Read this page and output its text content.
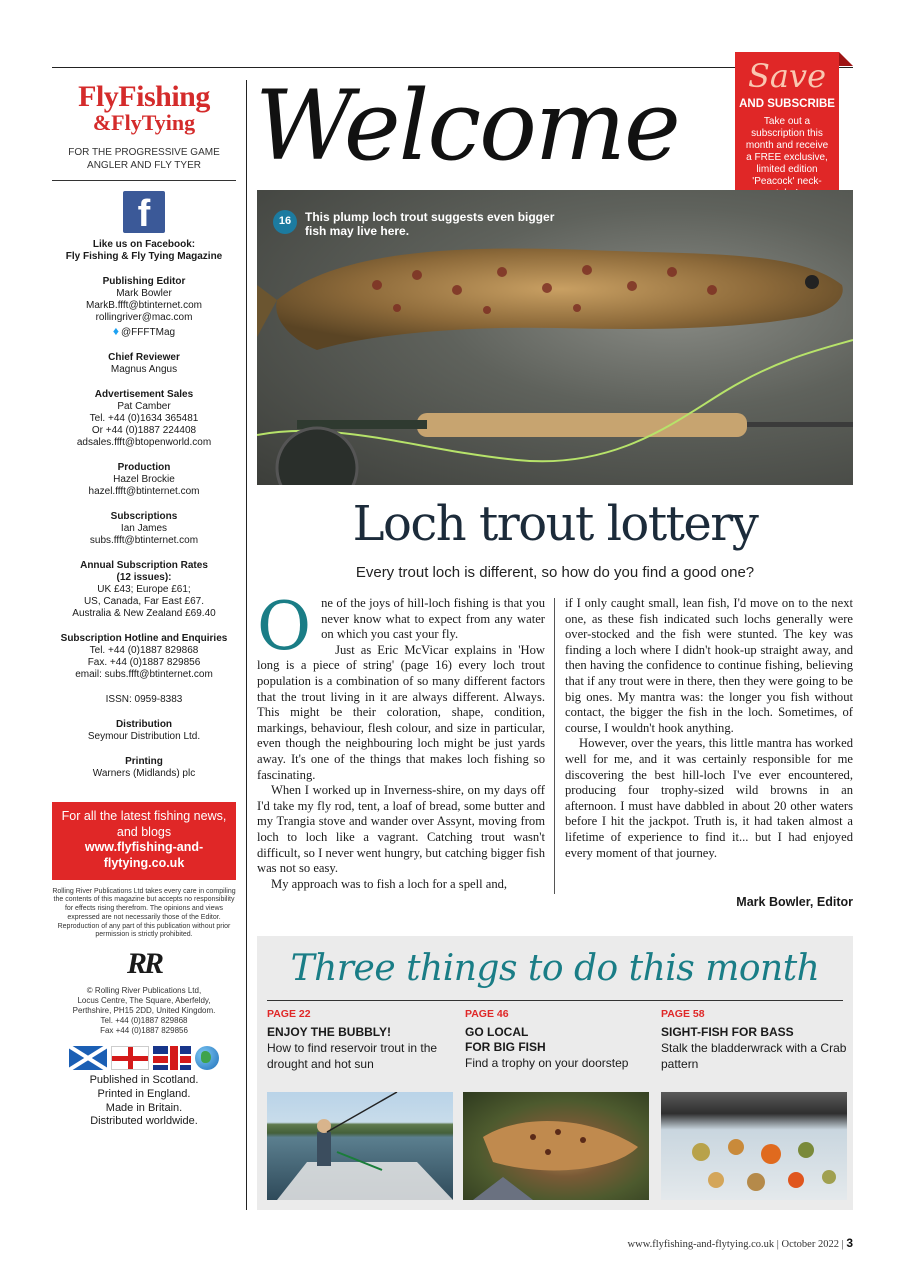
FlyFishing
&FlyTying
FOR THE PROGRESSIVE GAME ANGLER AND FLY TYER
f
Like us on Facebook:
Fly Fishing & Fly Tying Magazine
Publishing Editor
Mark Bowler
MarkB.ffft@btinternet.com
rollingriver@mac.com
♦ @FFFTMag
Chief Reviewer
Magnus Angus
Advertisement Sales
Pat Camber
Tel. +44 (0)1634 365481
Or +44 (0)1887 224408
adsales.ffft@btopenworld.com
Production
Hazel Brockie
hazel.ffft@btinternet.com
Subscriptions
Ian James
subs.ffft@btinternet.com
Annual Subscription Rates
(12 issues):
UK £43; Europe £61;
US, Canada, Far East £67.
Australia & New Zealand £69.40
Subscription Hotline and Enquiries
Tel. +44 (0)1887 829868
Fax. +44 (0)1887 829856
email: subs.ffft@btinternet.com
ISSN: 0959-8383
Distribution
Seymour Distribution Ltd.
Printing
Warners (Midlands) plc
For all the latest fishing news, and blogs
www.flyfishing-and-flytying.co.uk
Rolling River Publications Ltd takes every care in compiling the contents of this magazine but accepts no responsibility for effects rising therefrom. The opinions and views expressed are not necessarily those of the Editor. Reproduction of any part of this publication without prior permission is strictly prohibited.
RR
© Rolling River Publications Ltd,
Locus Centre, The Square, Aberfeldy,
Perthshire, PH15 2DD, United Kingdom.
Tel. +44 (0)1887 829868
Fax +44 (0)1887 829856
Published in Scotland.
Printed in England.
Made in Britain.
Distributed worldwide.
Welcome	Save
AND SUBSCRIBE
Take out a subscription this month and receive a FREE exclusive, limited edition 'Peacock' neck-
16	This plump loch trout suggests even bigger fish may live here.
Loch trout lottery
Every trout loch is different, so how do you find a good one?
O ne of the joys of hill-loch fishing is that you never know what to expect from any water on which you cast your fly.

Just as Eric McVicar explains in 'How long is a piece of string' (page 16) every loch trout population is a combination of so many different factors that the trout living in it are always different. Always. This might be their coloration, shape, condition, markings, behaviour, flesh colour, and size in particular, even though the neighbouring loch might be just yards away. It's one of the things that makes loch fishing so fascinating.

When I worked up in Inverness-shire, on my days off I'd take my fly rod, tent, a loaf of bread, some butter and my Trangia stove and wander over Assynt, moving from loch to loch like a vagrant. Catching trout wasn't difficult, so I never went hungry, but catching bigger fish was not so easy.

My approach was to fish a loch for a spell and,

if I only caught small, lean fish, I'd move on to the next one, as these fish indicated such lochs generally were over-stocked and the fish were stunted. The key was finding a loch where I didn't hook-up straight away, and then having the confidence to continue fishing, believing that if any trout were in there, then they were going to be big ones. My mantra was: the longer you fish without contact, the bigger the fish in the loch. Sometimes, of course, I wouldn't hook anything.

However, over the years, this little mantra has worked well for me, and it was certainly responsible for me discovering the best hill-loch I've ever encountered, producing four trophy-sized wild browns in an afternoon. I must have dabbled in about 20 other waters before I hit the jackpot. Truth is, it had taken almost a lifetime of experience to find it... but I had enjoyed every moment of that journey.

Mark Bowler, Editor
Three things to do this month
PAGE 22
ENJOY THE BUBBLY!
How to find reservoir trout in the drought and hot sun
PAGE 46
GO LOCAL
FOR BIG FISH
Find a trophy on your doorstep
PAGE 58
SIGHT-FISH FOR BASS
Stalk the bladderwrack with a Crab pattern
www.flyfishing-and-flytying.co.uk | October 2022 | 3
